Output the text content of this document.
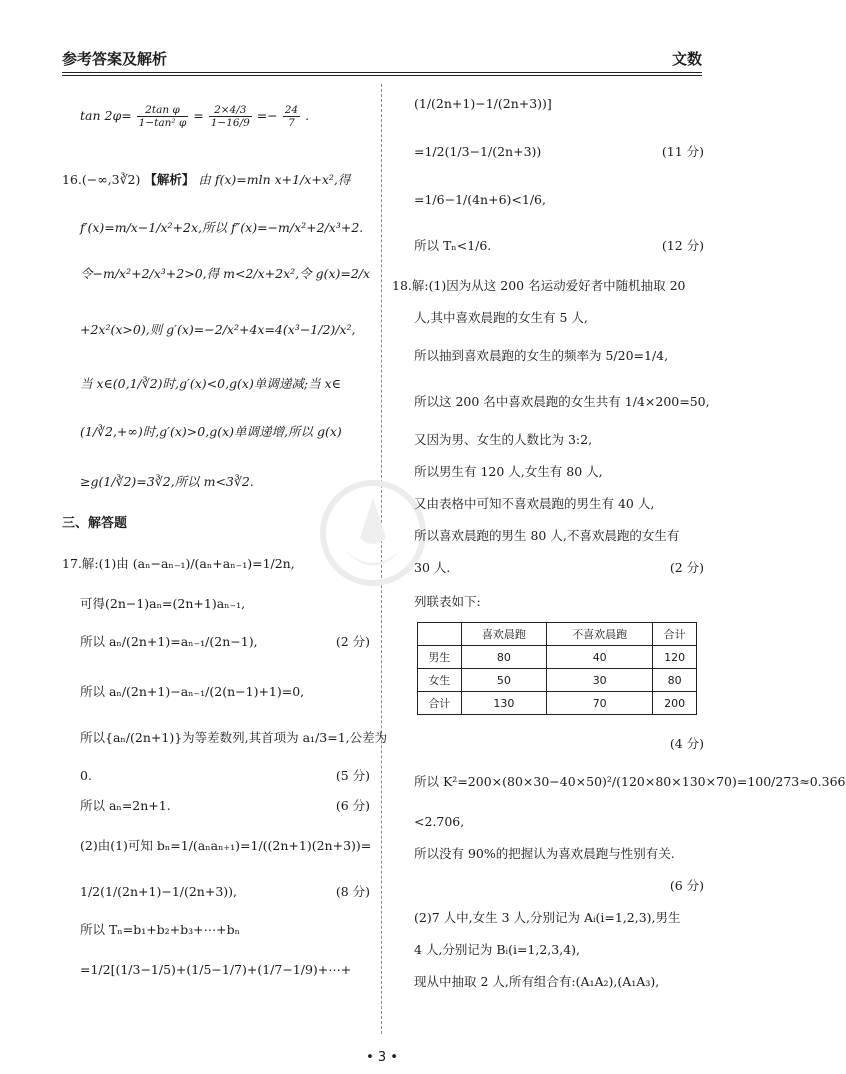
参考答案及解析	文数
$\tan 2\varphi= \frac{\text{2tan φ}}{\text{1−tan² φ}} = \frac{2\times 4/3}{1-16/9} =- \frac{24}{7}$ .
16.(−∞,3∛2) 【解析】 由 f(x)=mln x+1/x+x²,得
f′(x)=m/x−1/x²+2x,所以 f″(x)=−m/x²+2/x³+2.
令−m/x²+2/x³+2>0,得 m<2/x+2x²,令 g(x)=2/x
+2x²(x>0),则 g′(x)=−2/x²+4x=4(x³−1/2)/x²,
当 x∈(0,1/∛2)时,g′(x)<0,g(x)单调递减;当 x∈
(1/∛2,+∞)时,g′(x)>0,g(x)单调递增,所以 g(x)
≥g(1/∛2)=3∛2,所以 m<3∛2.
三、解答题
17.解:(1)由 (aₙ−aₙ₋₁)/(aₙ+aₙ₋₁)=1/2n,
可得(2n−1)aₙ=(2n+1)aₙ₋₁,
所以 aₙ/(2n+1)=aₙ₋₁/(2n−1),	(2 分)
所以 aₙ/(2n+1)−aₙ₋₁/(2(n−1)+1)=0,
所以{aₙ/(2n+1)}为等差数列,其首项为 a₁/3=1,公差为
0.	(5 分)
所以 aₙ=2n+1.	(6 分)
(2)由(1)可知 bₙ=1/(aₙaₙ₊₁)=1/((2n+1)(2n+3))=
1/2(1/(2n+1)−1/(2n+3)),	(8 分)
所以 Tₙ=b₁+b₂+b₃+⋯+bₙ
=1/2[(1/3−1/5)+(1/5−1/7)+(1/7−1/9)+⋯+
(1/(2n+1)−1/(2n+3))]
=1/2(1/3−1/(2n+3))	(11 分)
=1/6−1/(4n+6)<1/6,
所以 Tₙ<1/6.	(12 分)
18.解:(1)因为从这 200 名运动爱好者中随机抽取 20
人,其中喜欢晨跑的女生有 5 人,
所以抽到喜欢晨跑的女生的频率为 5/20=1/4,
所以这 200 名中喜欢晨跑的女生共有 1/4×200=50,
又因为男、女生的人数比为 3:2,
所以男生有 120 人,女生有 80 人,
又由表格中可知不喜欢晨跑的男生有 40 人,
所以喜欢晨跑的男生 80 人,不喜欢晨跑的女生有
30 人.	(2 分)
列联表如下:
(4 分)
所以 K²=200×(80×30−40×50)²/(120×80×130×70)=100/273≈0.366
<2.706,
所以没有 90%的把握认为喜欢晨跑与性别有关.
(6 分)
(2)7 人中,女生 3 人,分别记为 Aᵢ(i=1,2,3),男生
4 人,分别记为 Bᵢ(i=1,2,3,4),
现从中抽取 2 人,所有组合有:(A₁A₂),(A₁A₃),
	喜欢晨跑	不喜欢晨跑	合计
男生	80	40	120
女生	50	30	80
合计	130	70	200
• 3 •
